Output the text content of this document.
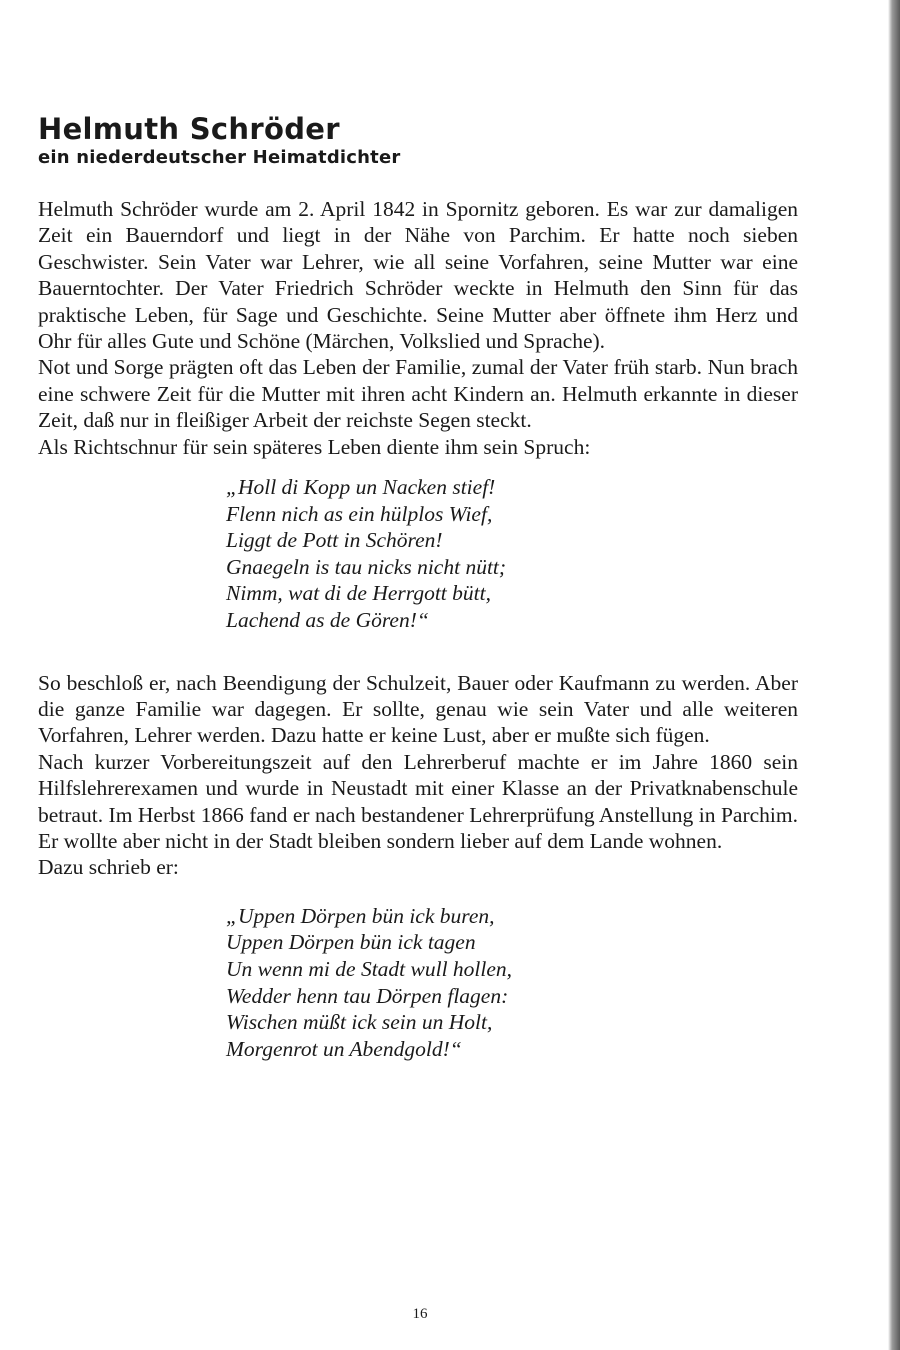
Helmuth Schröder
ein niederdeutscher Heimatdichter

Helmuth Schröder wurde am 2. April 1842 in Spornitz geboren. Es war zur damaligen Zeit ein Bauerndorf und liegt in der Nähe von Parchim. Er hatte noch sieben Geschwister. Sein Vater war Lehrer, wie all seine Vorfahren, seine Mutter war eine Bauerntochter. Der Vater Friedrich Schröder weckte in Helmuth den Sinn für das praktische Leben, für Sage und Geschichte. Seine Mutter aber öffnete ihm Herz und Ohr für alles Gute und Schöne (Märchen, Volkslied und Sprache).

Not und Sorge prägten oft das Leben der Familie, zumal der Vater früh starb. Nun brach eine schwere Zeit für die Mutter mit ihren acht Kindern an. Helmuth erkannte in dieser Zeit, daß nur in fleißiger Arbeit der reichste Segen steckt.

Als Richtschnur für sein späteres Leben diente ihm sein Spruch:

„Holl di Kopp un Nacken stief!
Flenn nich as ein hülplos Wief,
Liggt de Pott in Schören!
Gnaegeln is tau nicks nicht nütt;
Nimm, wat di de Herrgott bütt,
Lachend as de Gören!“

So beschloß er, nach Beendigung der Schulzeit, Bauer oder Kaufmann zu werden. Aber die ganze Familie war dagegen. Er sollte, genau wie sein Vater und alle weiteren Vorfahren, Lehrer werden. Dazu hatte er keine Lust, aber er mußte sich fügen.

Nach kurzer Vorbereitungszeit auf den Lehrerberuf machte er im Jahre 1860 sein Hilfslehrerexamen und wurde in Neustadt mit einer Klasse an der Privatknabenschule betraut. Im Herbst 1866 fand er nach bestandener Lehrerprüfung Anstellung in Parchim. Er wollte aber nicht in der Stadt bleiben sondern lieber auf dem Lande wohnen.

Dazu schrieb er:

„Uppen Dörpen bün ick buren,
Uppen Dörpen bün ick tagen
Un wenn mi de Stadt wull hollen,
Wedder henn tau Dörpen flagen:
Wischen müßt ick sein un Holt,
Morgenrot un Abendgold!“
16
